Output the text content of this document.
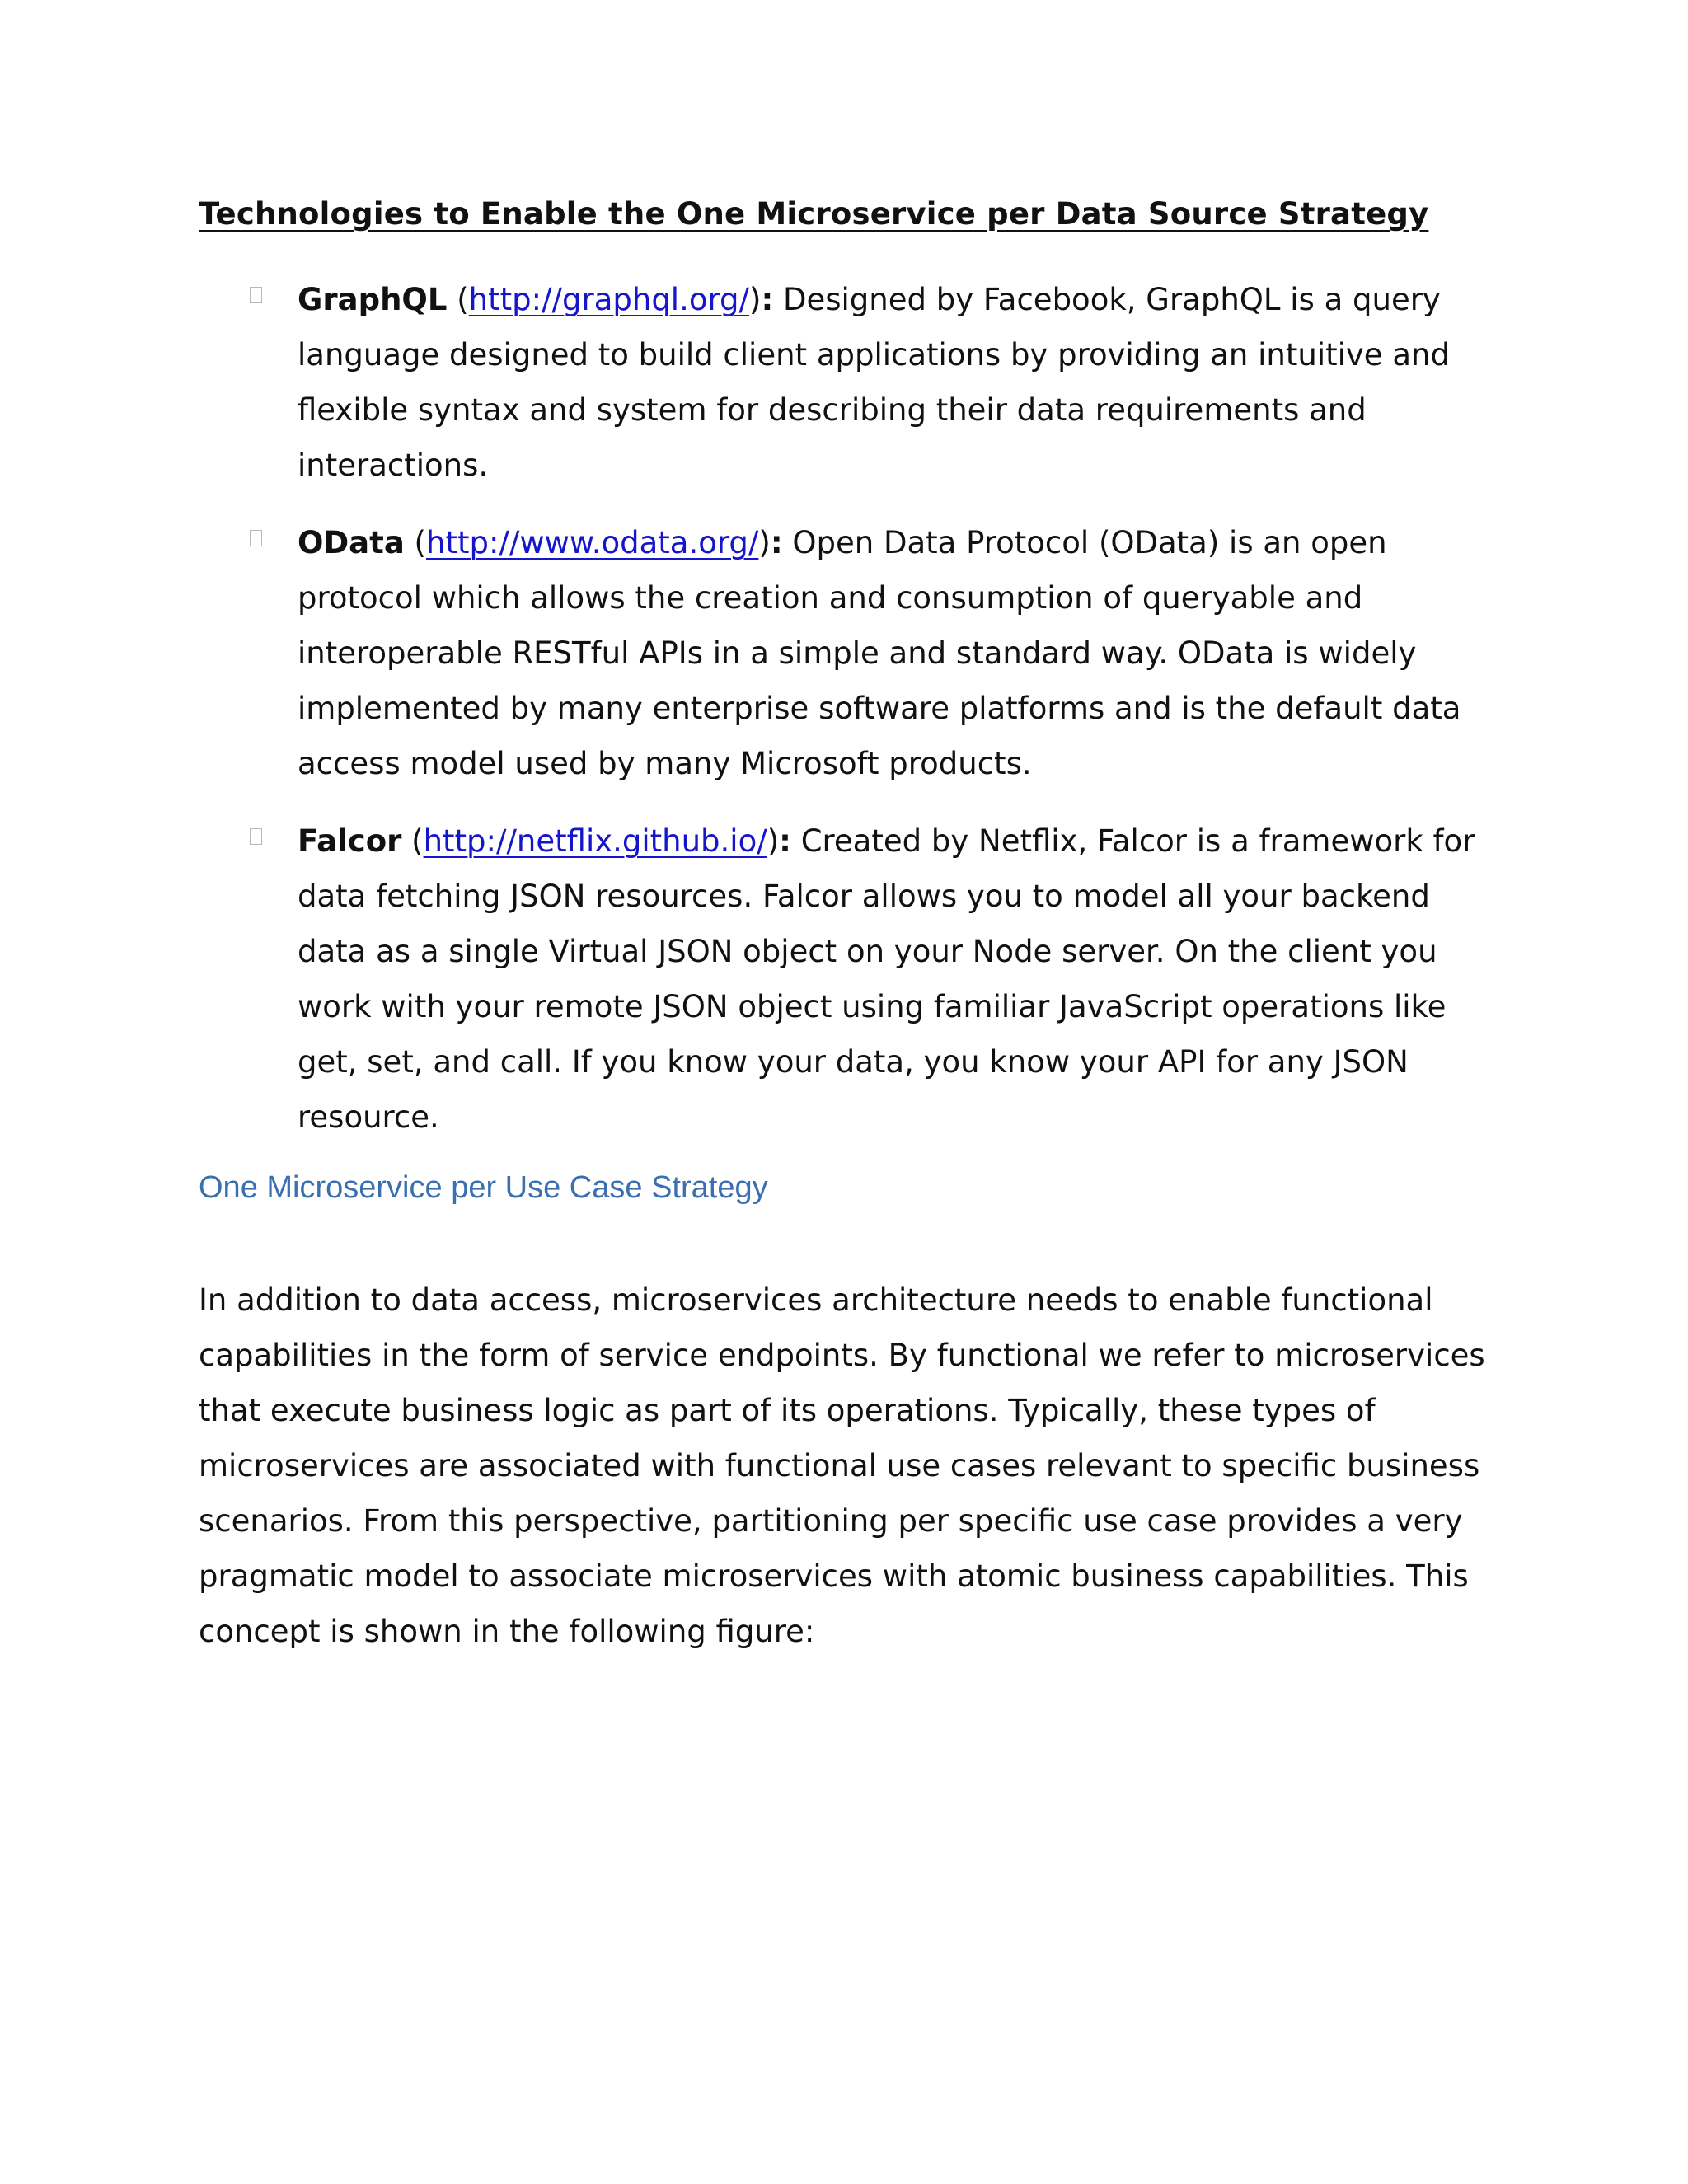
Technologies to Enable the One Microservice per Data Source Strategy
GraphQL (http://graphql.org/): Designed by Facebook, GraphQL is a query language designed to build client applications by providing an intuitive and flexible syntax and system for describing their data requirements and interactions.
OData (http://www.odata.org/): Open Data Protocol (OData) is an open protocol which allows the creation and consumption of queryable and interoperable RESTful APIs in a simple and standard way. OData is widely implemented by many enterprise software platforms and is the default data access model used by many Microsoft products.
Falcor (http://netflix.github.io/): Created by Netflix, Falcor is a framework for data fetching JSON resources. Falcor allows you to model all your backend data as a single Virtual JSON object on your Node server. On the client you work with your remote JSON object using familiar JavaScript operations like get, set, and call. If you know your data, you know your API for any JSON resource.
One Microservice per Use Case Strategy
In addition to data access, microservices architecture needs to enable functional capabilities in the form of service endpoints. By functional we refer to microservices that execute business logic as part of its operations. Typically, these types of microservices are associated with functional use cases relevant to specific business scenarios. From this perspective, partitioning per specific use case provides a very pragmatic model to associate microservices with atomic business capabilities. This concept is shown in the following figure:
